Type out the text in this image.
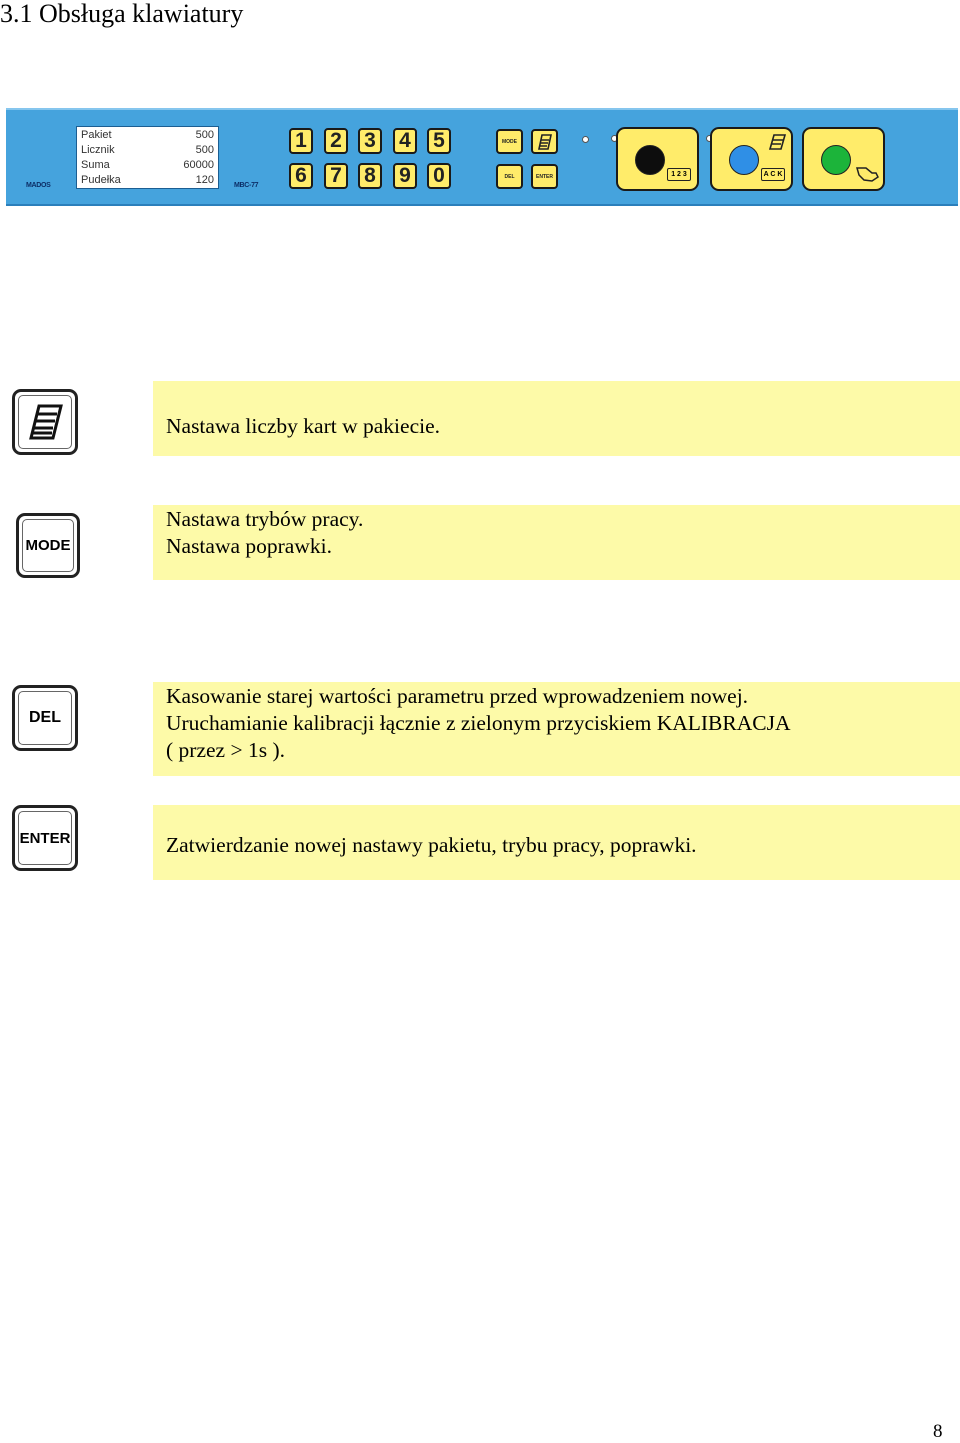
3.1 Obsługa klawiatury
MADOS
Pakiet	500
Licznik	500
Suma	60000
Pudełka	120	MBC-77
1 2 3 4 5
6 7 8 9 0
MODE
DEL	ENTER	1 2 3	A C K
Nastawa liczby kart w pakiecie.
MODE
Nastawa trybów pracy.
Nastawa poprawki.
DEL
Kasowanie starej wartości parametru przed wprowadzeniem nowej.
Uruchamianie kalibracji łącznie z zielonym przyciskiem KALIBRACJA
( przez > 1s ).
ENTER	Zatwierdzanie nowej nastawy pakietu, trybu pracy, poprawki.
8
